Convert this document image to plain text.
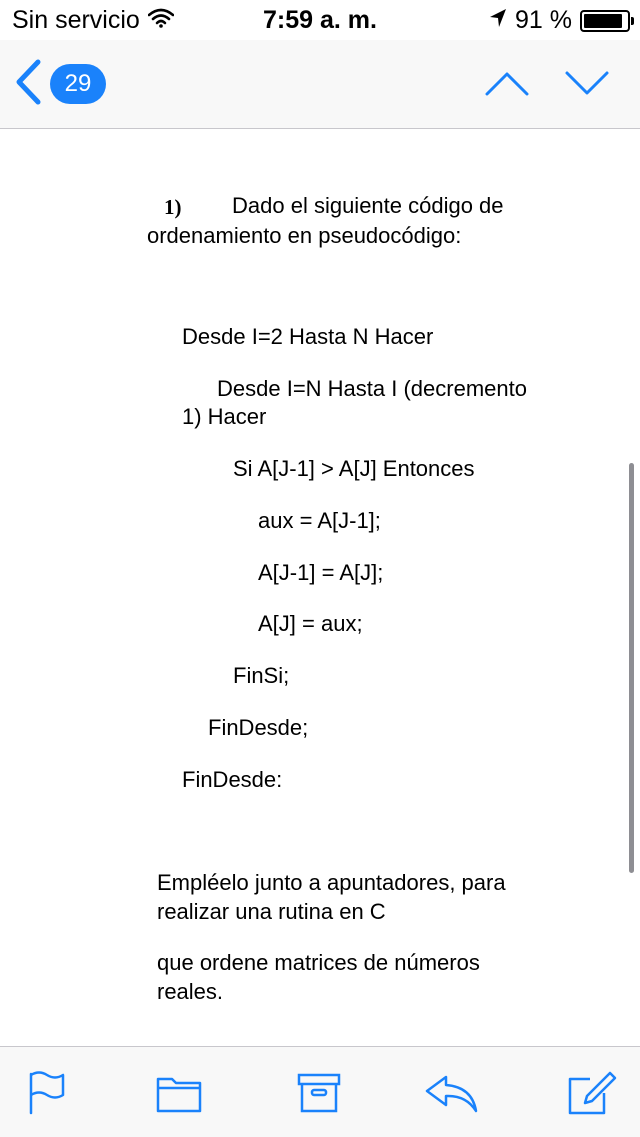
Sin servicio	7:59 a. m.	91 %
29
1)	Dado el siguiente código de
ordenamiento en pseudocódigo:
Desde I=2 Hasta N Hacer
Desde I=N Hasta I (decremento
1) Hacer
Si A[J-1] > A[J] Entonces
aux = A[J-1];
A[J-1] = A[J];
A[J] = aux;
FinSi;
FinDesde;
FinDesde:
Empléelo junto a apuntadores, para
realizar una rutina en C
que ordene matrices de números
reales.
